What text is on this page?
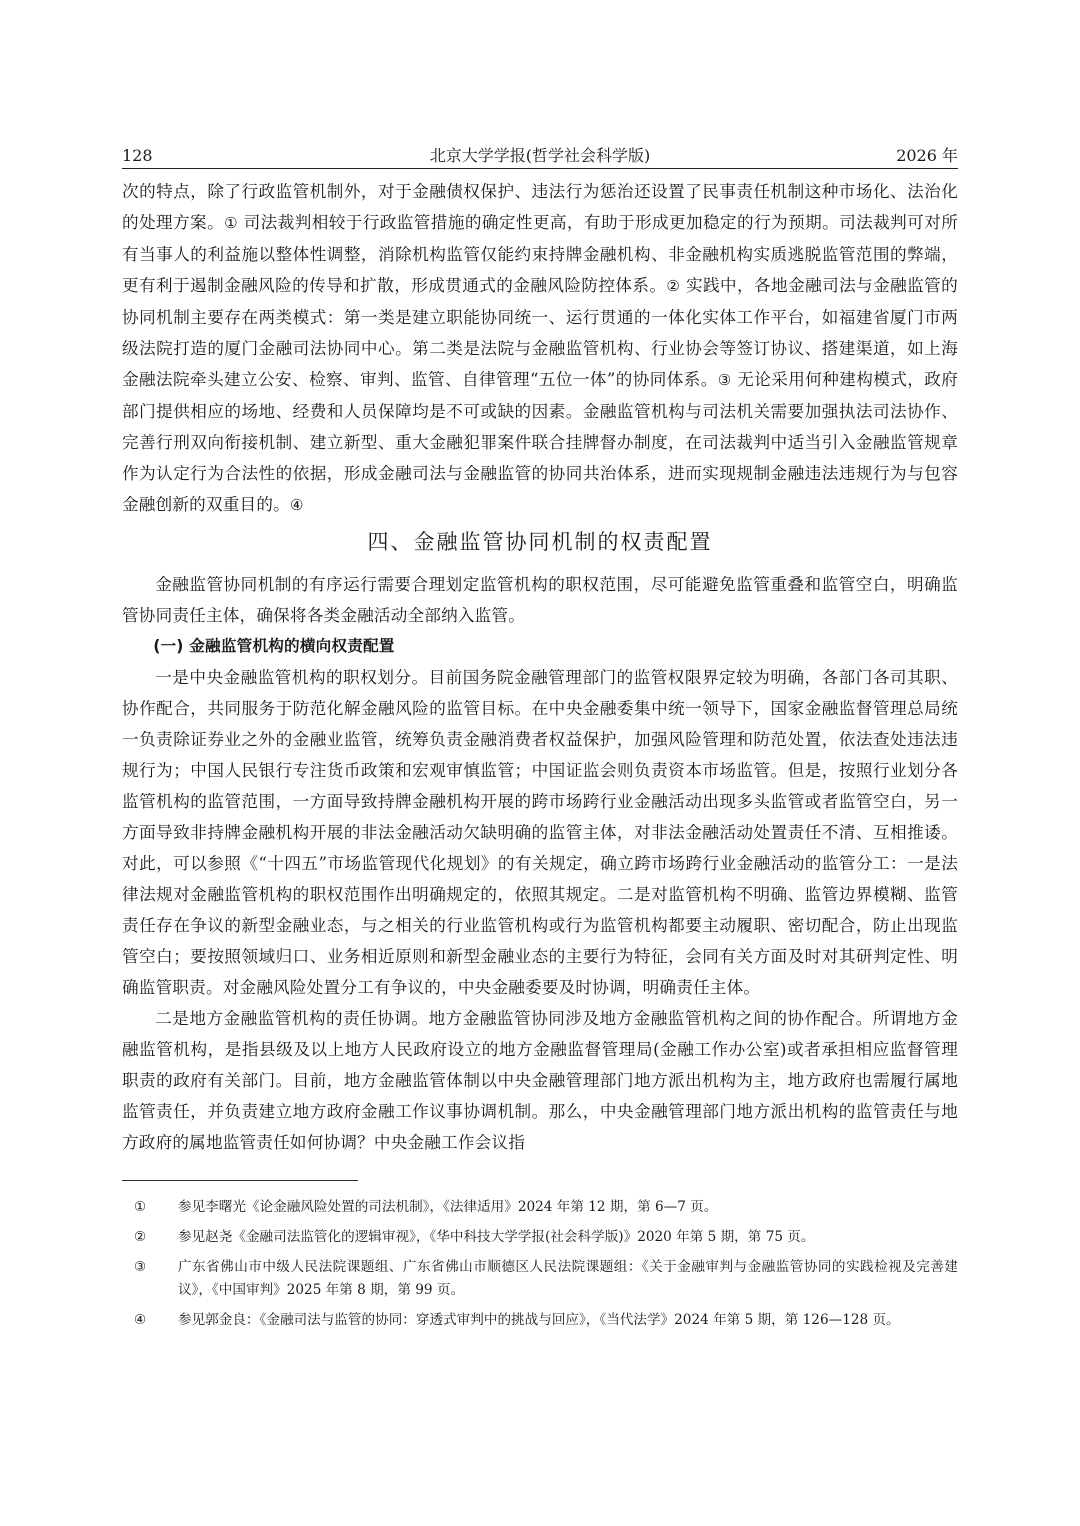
128	北京大学学报(哲学社会科学版)	2026 年

次的特点，除了行政监管机制外，对于金融债权保护、违法行为惩治还设置了民事责任机制这种市场化、法治化的处理方案。① 司法裁判相较于行政监管措施的确定性更高，有助于形成更加稳定的行为预期。司法裁判可对所有当事人的利益施以整体性调整，消除机构监管仅能约束持牌金融机构、非金融机构实质逃脱监管范围的弊端，更有利于遏制金融风险的传导和扩散，形成贯通式的金融风险防控体系。② 实践中，各地金融司法与金融监管的协同机制主要存在两类模式：第一类是建立职能协同统一、运行贯通的一体化实体工作平台，如福建省厦门市两级法院打造的厦门金融司法协同中心。第二类是法院与金融监管机构、行业协会等签订协议、搭建渠道，如上海金融法院牵头建立公安、检察、审判、监管、自律管理“五位一体”的协同体系。③ 无论采用何种建构模式，政府部门提供相应的场地、经费和人员保障均是不可或缺的因素。金融监管机构与司法机关需要加强执法司法协作、完善行刑双向衔接机制、建立新型、重大金融犯罪案件联合挂牌督办制度，在司法裁判中适当引入金融监管规章作为认定行为合法性的依据，形成金融司法与金融监管的协同共治体系，进而实现规制金融违法违规行为与包容金融创新的双重目的。④

四、金融监管协同机制的权责配置

金融监管协同机制的有序运行需要合理划定监管机构的职权范围，尽可能避免监管重叠和监管空白，明确监管协同责任主体，确保将各类金融活动全部纳入监管。

(一) 金融监管机构的横向权责配置

一是中央金融监管机构的职权划分。目前国务院金融管理部门的监管权限界定较为明确，各部门各司其职、协作配合，共同服务于防范化解金融风险的监管目标。在中央金融委集中统一领导下，国家金融监督管理总局统一负责除证券业之外的金融业监管，统筹负责金融消费者权益保护，加强风险管理和防范处置，依法查处违法违规行为；中国人民银行专注货币政策和宏观审慎监管；中国证监会则负责资本市场监管。但是，按照行业划分各监管机构的监管范围，一方面导致持牌金融机构开展的跨市场跨行业金融活动出现多头监管或者监管空白，另一方面导致非持牌金融机构开展的非法金融活动欠缺明确的监管主体，对非法金融活动处置责任不清、互相推诿。对此，可以参照《“十四五”市场监管现代化规划》的有关规定，确立跨市场跨行业金融活动的监管分工：一是法律法规对金融监管机构的职权范围作出明确规定的，依照其规定。二是对监管机构不明确、监管边界模糊、监管责任存在争议的新型金融业态，与之相关的行业监管机构或行为监管机构都要主动履职、密切配合，防止出现监管空白；要按照领域归口、业务相近原则和新型金融业态的主要行为特征，会同有关方面及时对其研判定性、明确监管职责。对金融风险处置分工有争议的，中央金融委要及时协调，明确责任主体。

二是地方金融监管机构的责任协调。地方金融监管协同涉及地方金融监管机构之间的协作配合。所谓地方金融监管机构，是指县级及以上地方人民政府设立的地方金融监督管理局(金融工作办公室)或者承担相应监督管理职责的政府有关部门。目前，地方金融监管体制以中央金融管理部门地方派出机构为主，地方政府也需履行属地监管责任，并负责建立地方政府金融工作议事协调机制。那么，中央金融管理部门地方派出机构的监管责任与地方政府的属地监管责任如何协调？中央金融工作会议指

①	参见李曙光《论金融风险处置的司法机制》，《法律适用》2024 年第 12 期，第 6—7 页。
②	参见赵尧《金融司法监管化的逻辑审视》，《华中科技大学学报(社会科学版)》2020 年第 5 期，第 75 页。
③	广东省佛山市中级人民法院课题组、广东省佛山市顺德区人民法院课题组：《关于金融审判与金融监管协同的实践检视及完善建议》，《中国审判》2025 年第 8 期，第 99 页。
④	参见郭金良：《金融司法与监管的协同：穿透式审判中的挑战与回应》，《当代法学》2024 年第 5 期，第 126—128 页。
